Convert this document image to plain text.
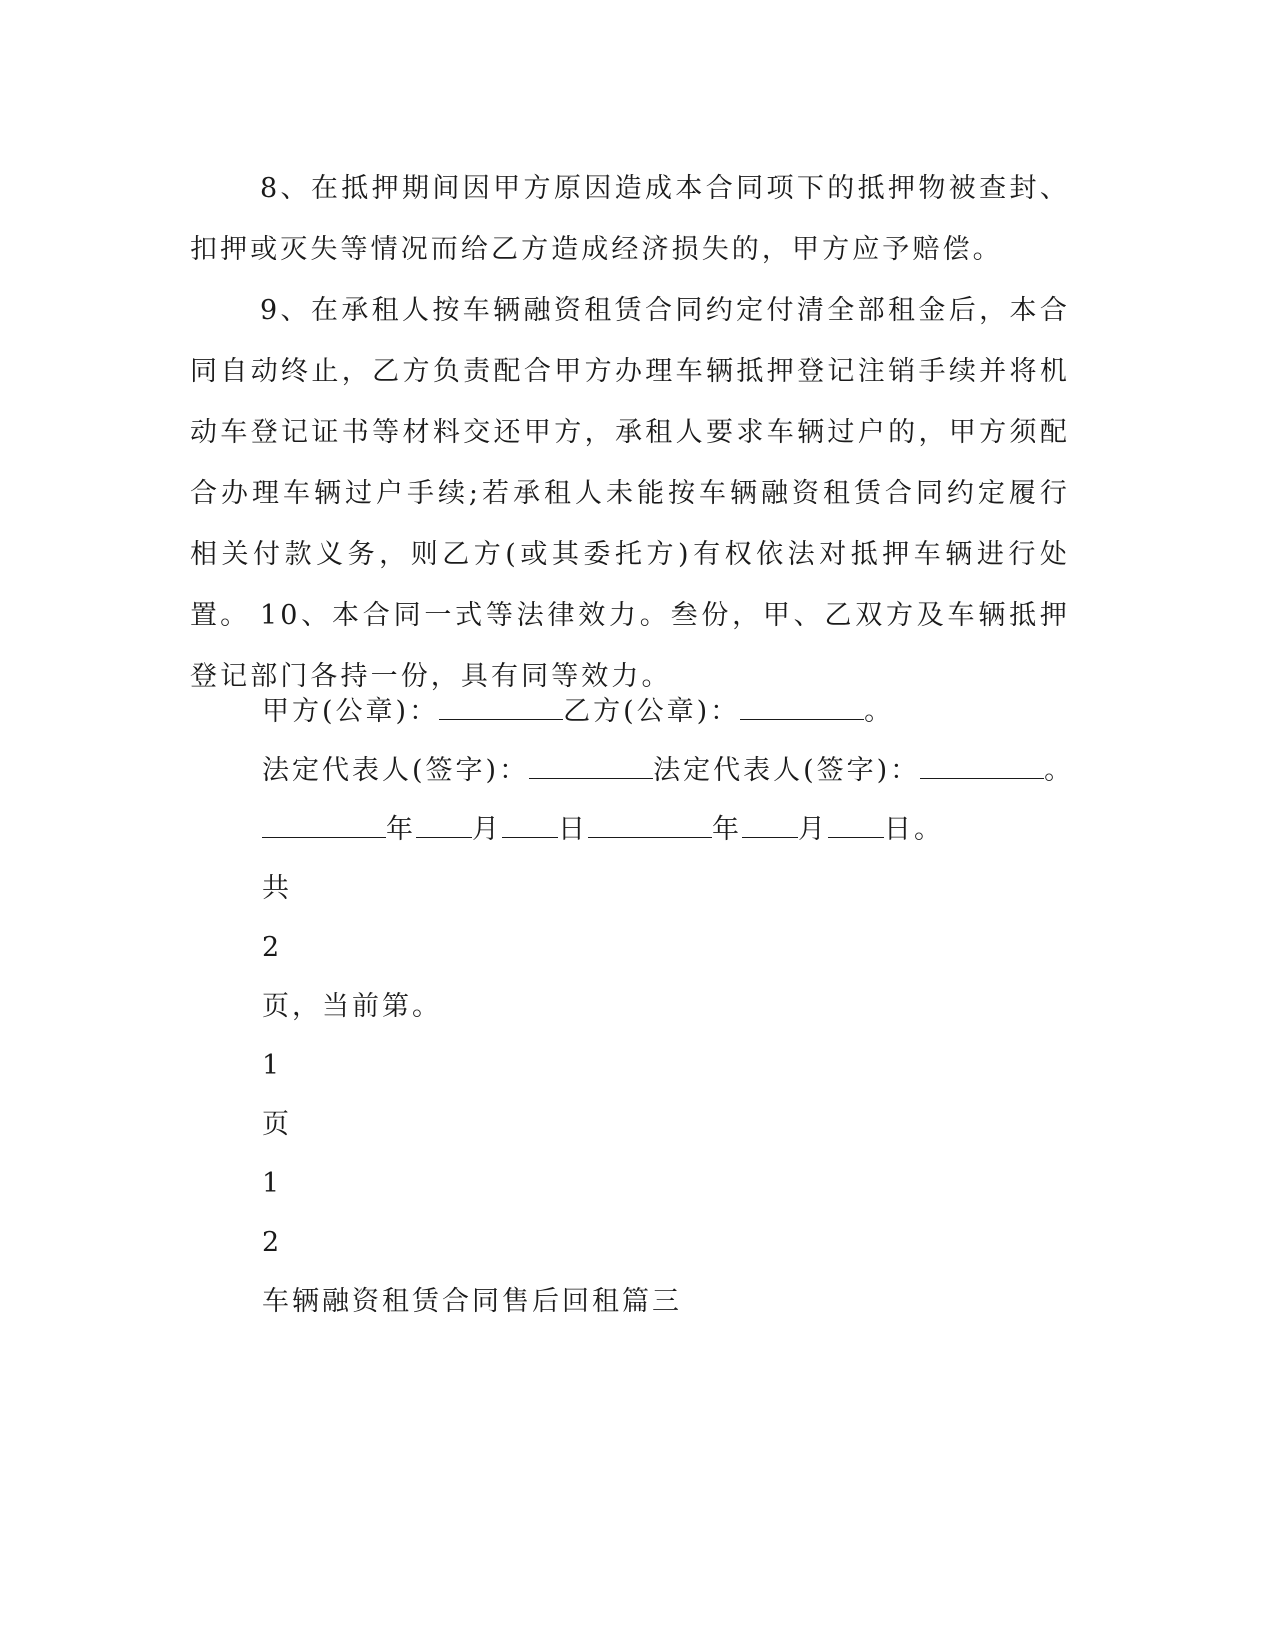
8、在抵押期间因甲方原因造成本合同项下的抵押物被查封、扣押或灭失等情况而给乙方造成经济损失的，甲方应予赔偿。

9、在承租人按车辆融资租赁合同约定付清全部租金后，本合同自动终止，乙方负责配合甲方办理车辆抵押登记注销手续并将机动车登记证书等材料交还甲方，承租人要求车辆过户的，甲方须配合办理车辆过户手续;若承租人未能按车辆融资租赁合同约定履行相关付款义务，则乙方(或其委托方)有权依法对抵押车辆进行处置。 10、本合同一式等法律效力。叁份，甲、乙双方及车辆抵押登记部门各持一份，具有同等效力。

甲方(公章)：	乙方(公章)：	。
法定代表人(签字)：	法定代表人(签字)：	。
年 月 日	年 月 日。
共
2
页，当前第。
1
页
1
2
车辆融资租赁合同售后回租篇三
